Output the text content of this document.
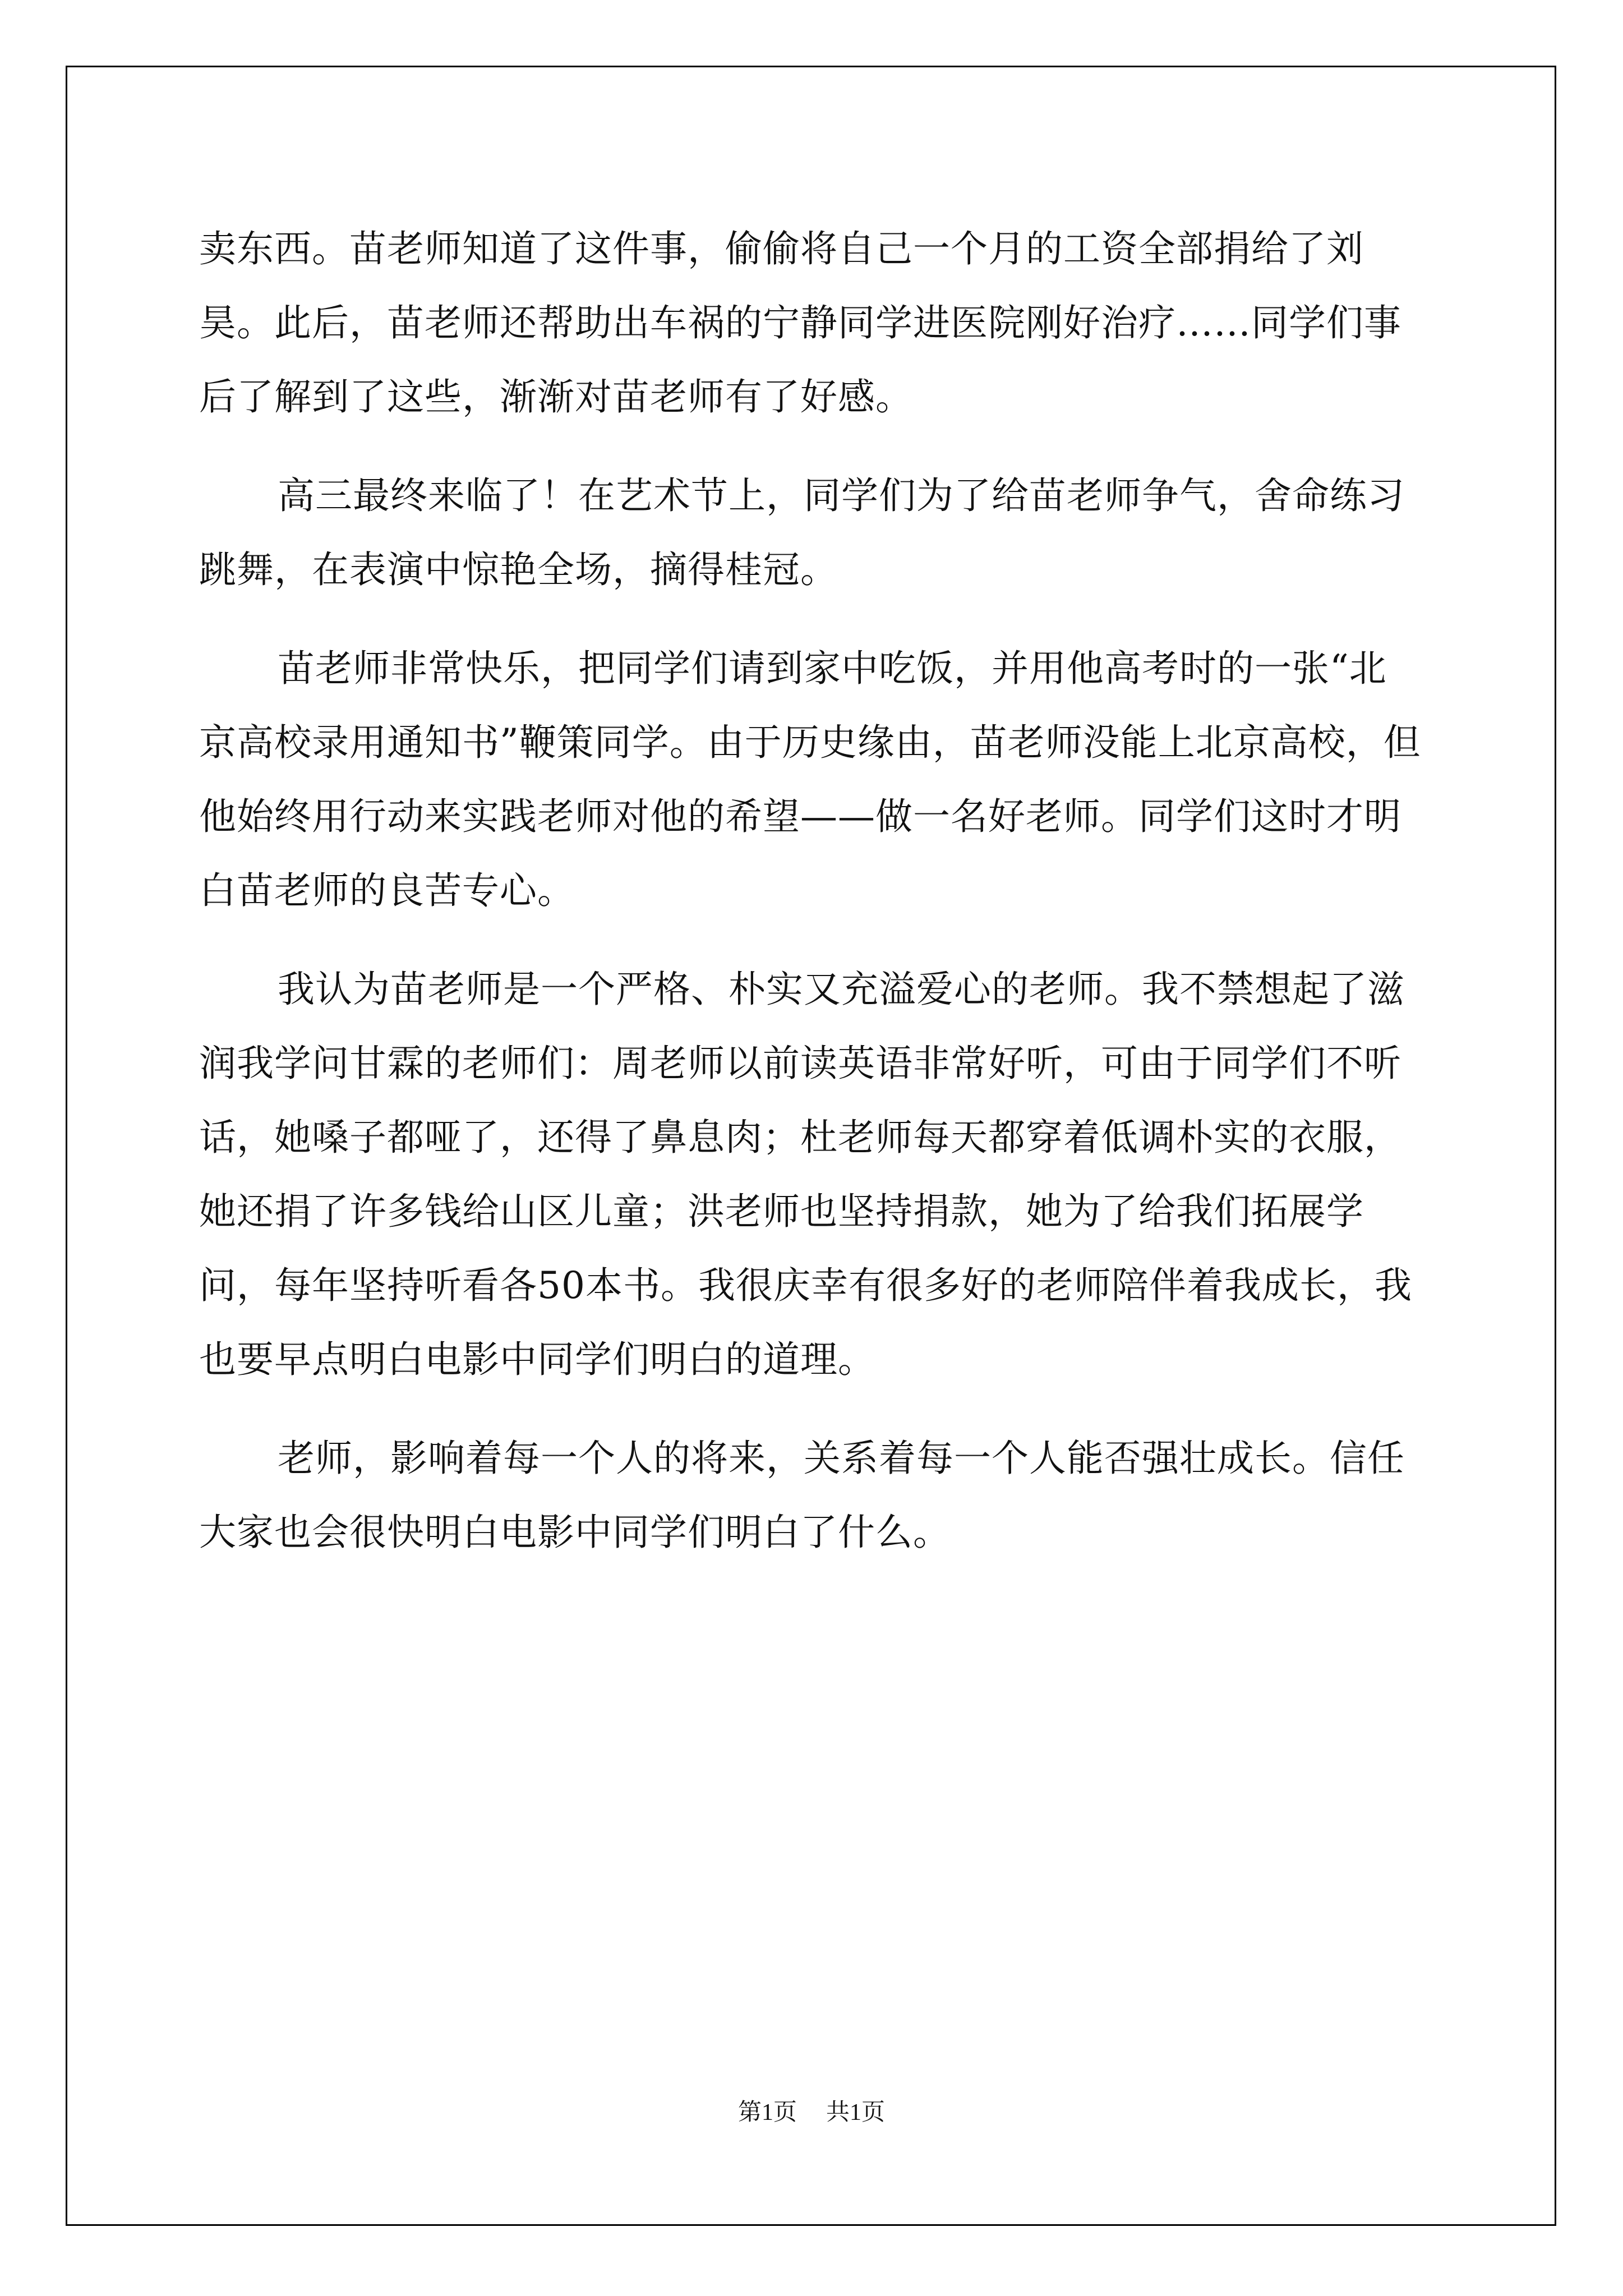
卖东西。苗老师知道了这件事，偷偷将自己一个月的工资全部捐给了刘昊。此后，苗老师还帮助出车祸的宁静同学进医院刚好治疗……同学们事后了解到了这些，渐渐对苗老师有了好感。

高三最终来临了！在艺术节上，同学们为了给苗老师争气，舍命练习跳舞，在表演中惊艳全场，摘得桂冠。

苗老师非常快乐，把同学们请到家中吃饭，并用他高考时的一张“北京高校录用通知书”鞭策同学。由于历史缘由，苗老师没能上北京高校，但他始终用行动来实践老师对他的希望——做一名好老师。同学们这时才明白苗老师的良苦专心。

我认为苗老师是一个严格、朴实又充溢爱心的老师。我不禁想起了滋润我学问甘霖的老师们：周老师以前读英语非常好听，可由于同学们不听话，她嗓子都哑了，还得了鼻息肉；杜老师每天都穿着低调朴实的衣服，她还捐了许多钱给山区儿童；洪老师也坚持捐款，她为了给我们拓展学问，每年坚持听看各50本书。我很庆幸有很多好的老师陪伴着我成长，我也要早点明白电影中同学们明白的道理。

老师，影响着每一个人的将来，关系着每一个人能否强壮成长。信任大家也会很快明白电影中同学们明白了什么。

第1页 共1页
